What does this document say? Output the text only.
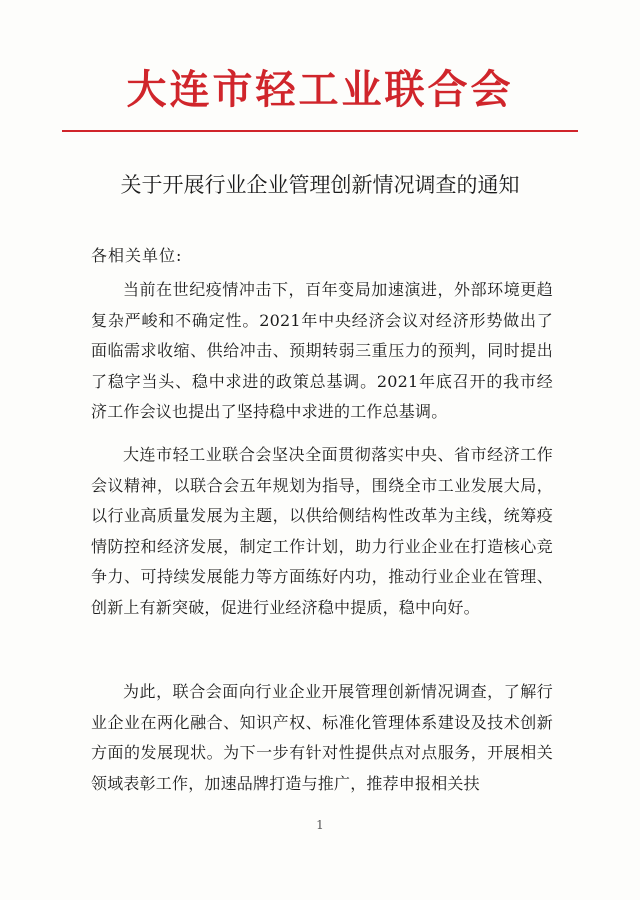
大连市轻工业联合会
关于开展行业企业管理创新情况调查的通知
各相关单位:

当前在世纪疫情冲击下，百年变局加速演进，外部环境更趋复杂严峻和不确定性。2021年中央经济会议对经济形势做出了面临需求收缩、供给冲击、预期转弱三重压力的预判，同时提出了稳字当头、稳中求进的政策总基调。2021年底召开的我市经济工作会议也提出了坚持稳中求进的工作总基调。

大连市轻工业联合会坚决全面贯彻落实中央、省市经济工作会议精神，以联合会五年规划为指导，围绕全市工业发展大局，以行业高质量发展为主题，以供给侧结构性改革为主线，统筹疫情防控和经济发展，制定工作计划，助力行业企业在打造核心竞争力、可持续发展能力等方面练好内功，推动行业企业在管理、创新上有新突破，促进行业经济稳中提质，稳中向好。

为此，联合会面向行业企业开展管理创新情况调查，了解行业企业在两化融合、知识产权、标准化管理体系建设及技术创新方面的发展现状。为下一步有针对性提供点对点服务，开展相关领域表彰工作，加速品牌打造与推广，推荐申报相关扶

1
